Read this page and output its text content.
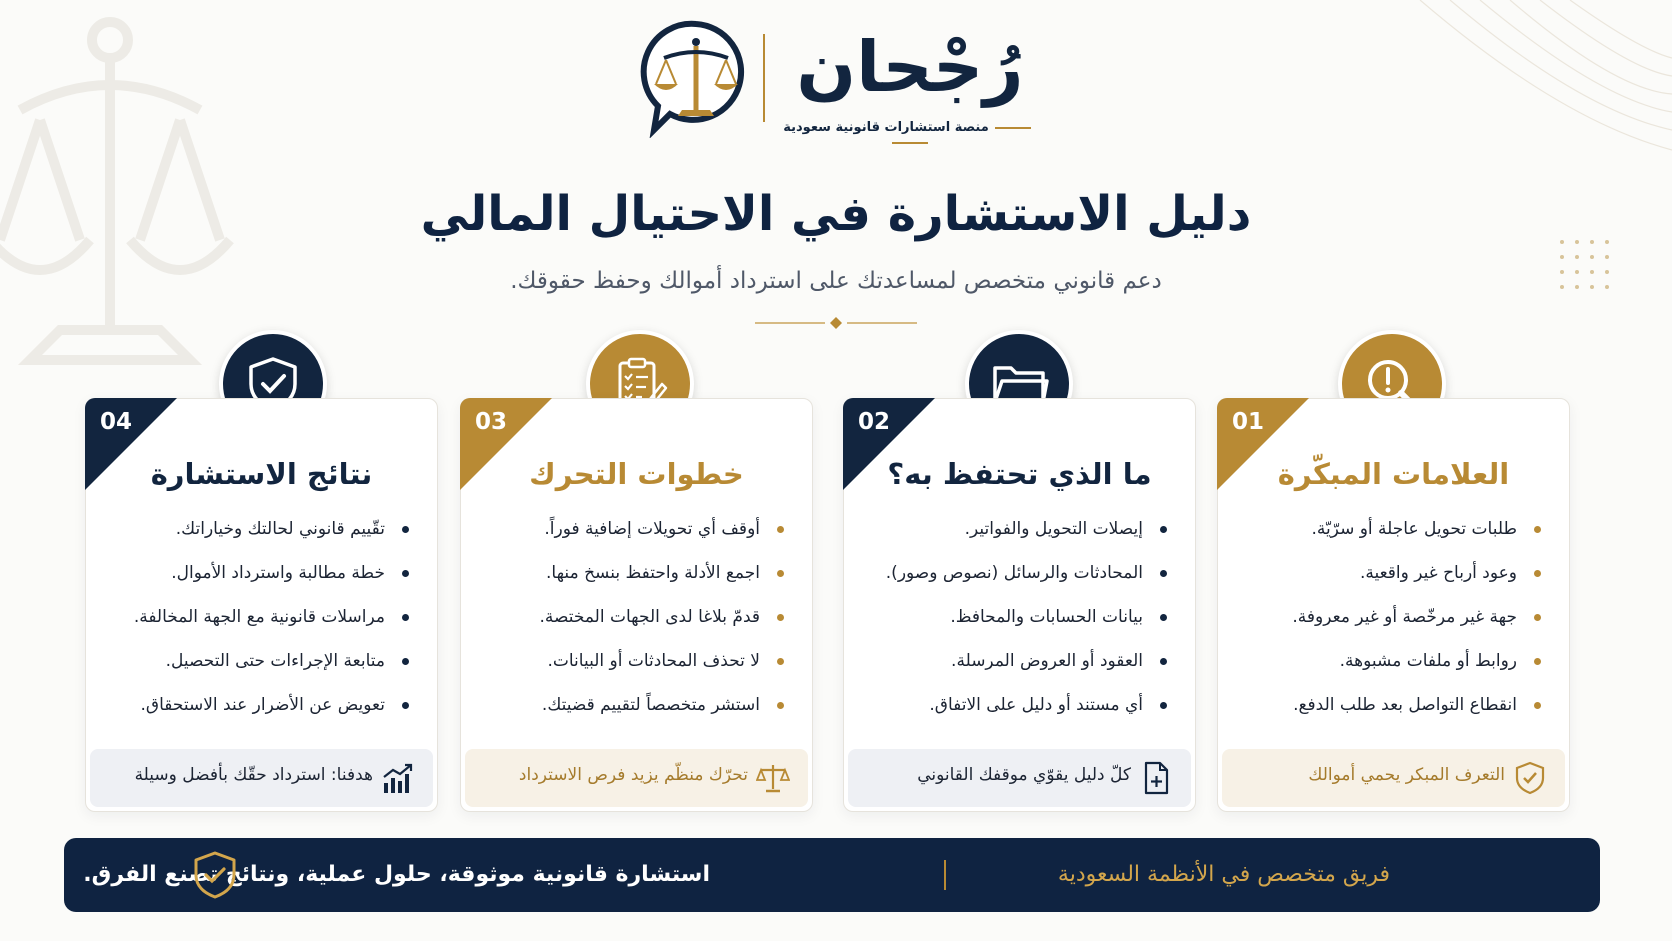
رُجْحان
منصة استشارات قانونية سعودية
دليل الاستشارة في الاحتيال المالي
دعم قانوني متخصص لمساعدتك على استرداد أموالك وحفظ حقوقك.
01
العلامات المبكّرة
طلبات تحويل عاجلة أو سرّيّة.
وعود أرباح غير واقعية.
جهة غير مرخّصة أو غير معروفة.
روابط أو ملفات مشبوهة.
انقطاع التواصل بعد طلب الدفع.
التعرف المبكر يحمي أموالك
02
ما الذي تحتفظ به؟
إيصلات التحويل والفواتير.
المحادثات والرسائل (نصوص وصور).
بيانات الحسابات والمحافظ.
العقود أو العروض المرسلة.
أي مستند أو دليل على الاتفاق.
كلّ دليل يقوّي موقفك القانوني
03
خطوات التحرك
أوقف أي تحويلات إضافية فوراً.
اجمع الأدلة واحتفظ بنسخ منها.
قدمّ بلاغا لدى الجهات المختصة.
لا تحذف المحادثات أو البيانات.
استشر متخصصاً لتقييم قضيتك.
تحرّك منظّم يزيد فرص الاسترداد
04
نتائج الاستشارة
تقّييم قانوني لحالتك وخياراتك.
خطة مطالبة واسترداد الأموال.
مراسلات قانونية مع الجهة المخالفة.
متابعة الإجراءات حتى التحصيل.
تعويض عن الأضرار عند الاستحقاق.
هدفنا: استرداد حقّك بأفضل وسيلة
فريق متخصص في الأنظمة السعودية
استشارة قانونية موثوقة، حلول عملية، ونتائج تصنع الفرق.
